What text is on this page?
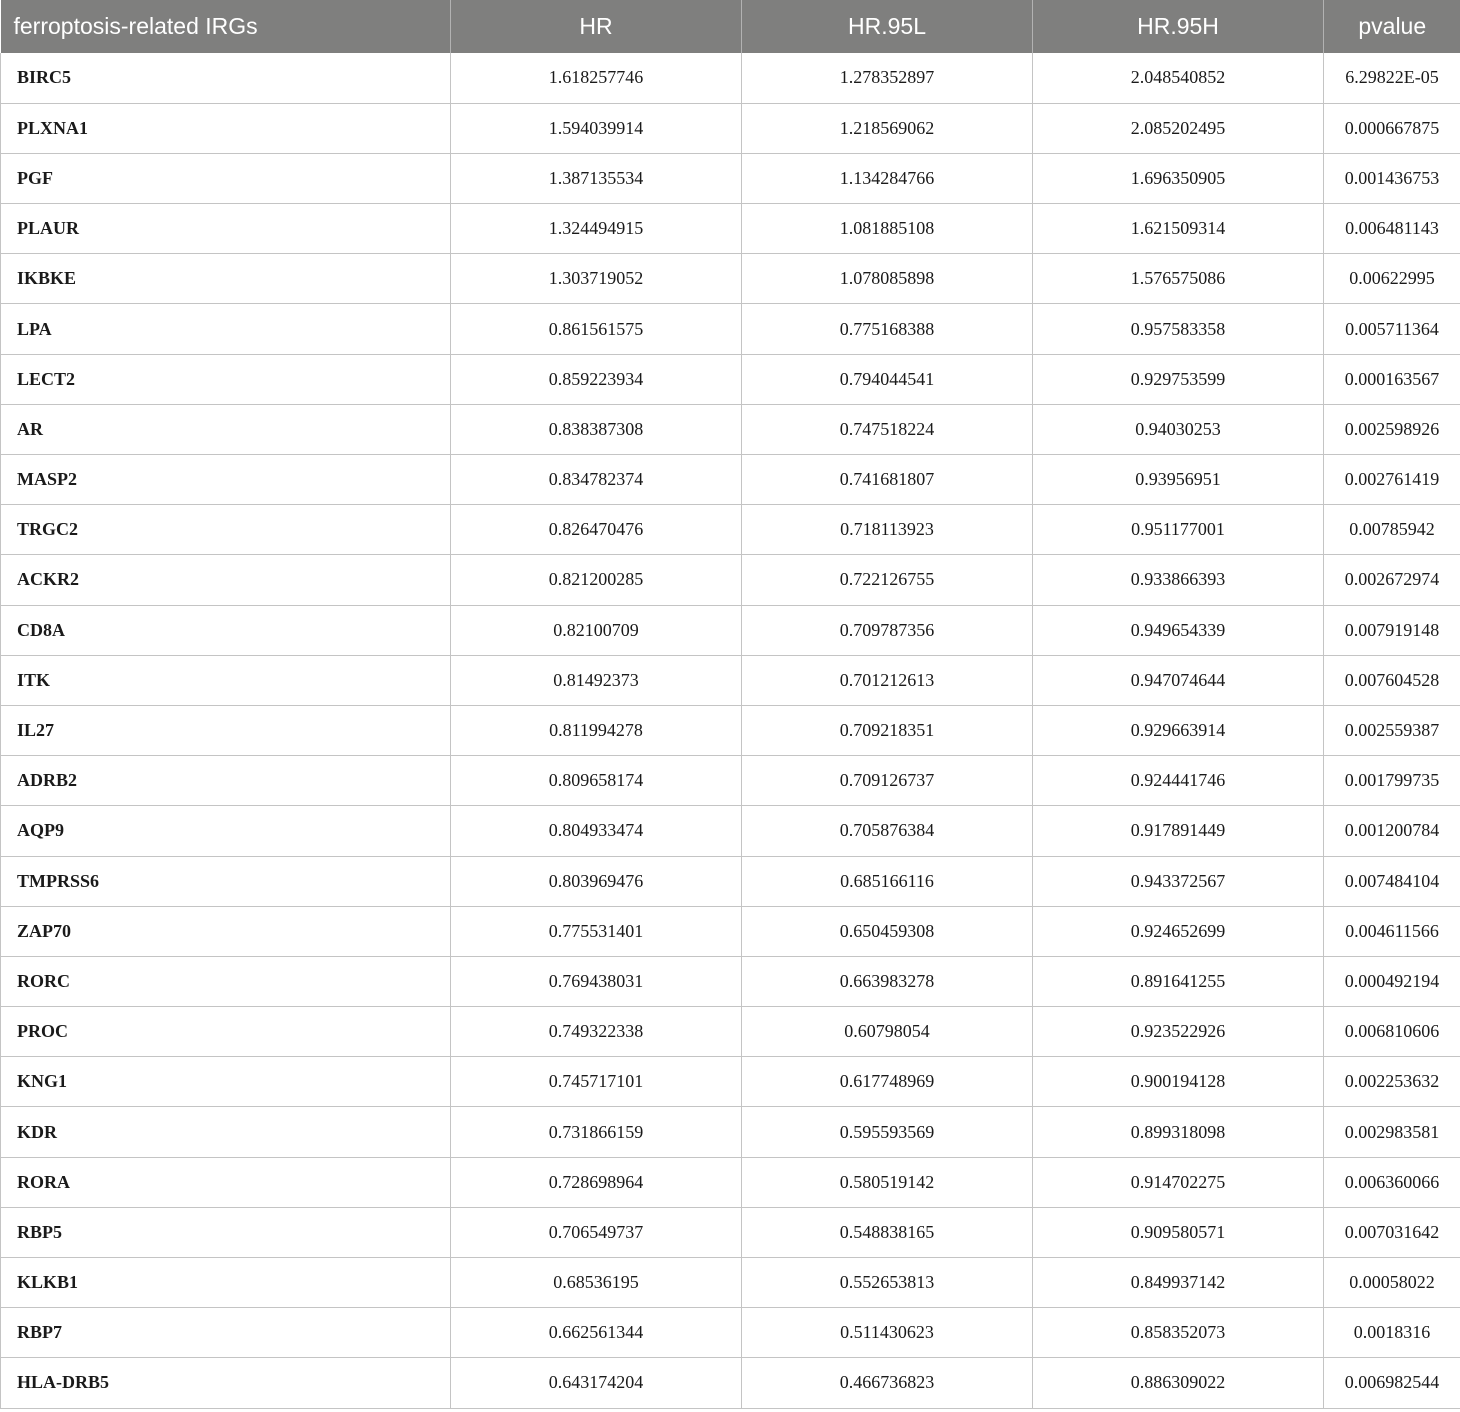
ferroptosis-related IRGs	HR	HR.95L	HR.95H	pvalue
BIRC5	1.618257746	1.278352897	2.048540852	6.29822E-05
PLXNA1	1.594039914	1.218569062	2.085202495	0.000667875
PGF	1.387135534	1.134284766	1.696350905	0.001436753
PLAUR	1.324494915	1.081885108	1.621509314	0.006481143
IKBKE	1.303719052	1.078085898	1.576575086	0.00622995
LPA	0.861561575	0.775168388	0.957583358	0.005711364
LECT2	0.859223934	0.794044541	0.929753599	0.000163567
AR	0.838387308	0.747518224	0.94030253	0.002598926
MASP2	0.834782374	0.741681807	0.93956951	0.002761419
TRGC2	0.826470476	0.718113923	0.951177001	0.00785942
ACKR2	0.821200285	0.722126755	0.933866393	0.002672974
CD8A	0.82100709	0.709787356	0.949654339	0.007919148
ITK	0.81492373	0.701212613	0.947074644	0.007604528
IL27	0.811994278	0.709218351	0.929663914	0.002559387
ADRB2	0.809658174	0.709126737	0.924441746	0.001799735
AQP9	0.804933474	0.705876384	0.917891449	0.001200784
TMPRSS6	0.803969476	0.685166116	0.943372567	0.007484104
ZAP70	0.775531401	0.650459308	0.924652699	0.004611566
RORC	0.769438031	0.663983278	0.891641255	0.000492194
PROC	0.749322338	0.60798054	0.923522926	0.006810606
KNG1	0.745717101	0.617748969	0.900194128	0.002253632
KDR	0.731866159	0.595593569	0.899318098	0.002983581
RORA	0.728698964	0.580519142	0.914702275	0.006360066
RBP5	0.706549737	0.548838165	0.909580571	0.007031642
KLKB1	0.68536195	0.552653813	0.849937142	0.00058022
RBP7	0.662561344	0.511430623	0.858352073	0.0018316
HLA-DRB5	0.643174204	0.466736823	0.886309022	0.006982544
